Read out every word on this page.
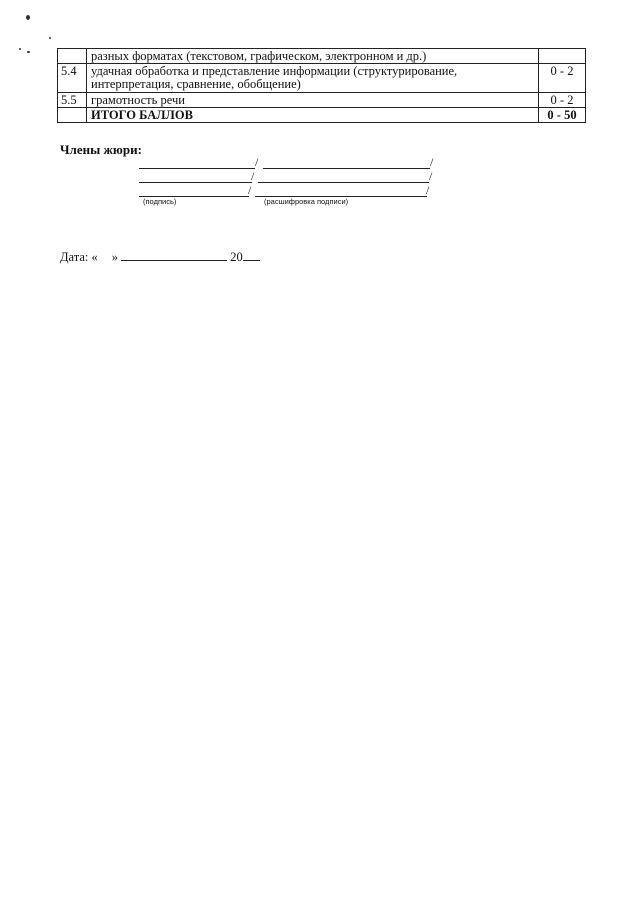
	разных форматах (текстовом, графическом, электронном и др.)	
5.4	удачная обработка и представление информации (структурирование, интерпретация, сравнение, обобщение)	0 - 2
5.5	грамотность речи	0 - 2
	ИТОГО БАЛЛОВ	0 - 50
Члены жюри:
/	/
/	/
/	/
(подпись)	(расшифровка подписи)
Дата: « »	20
